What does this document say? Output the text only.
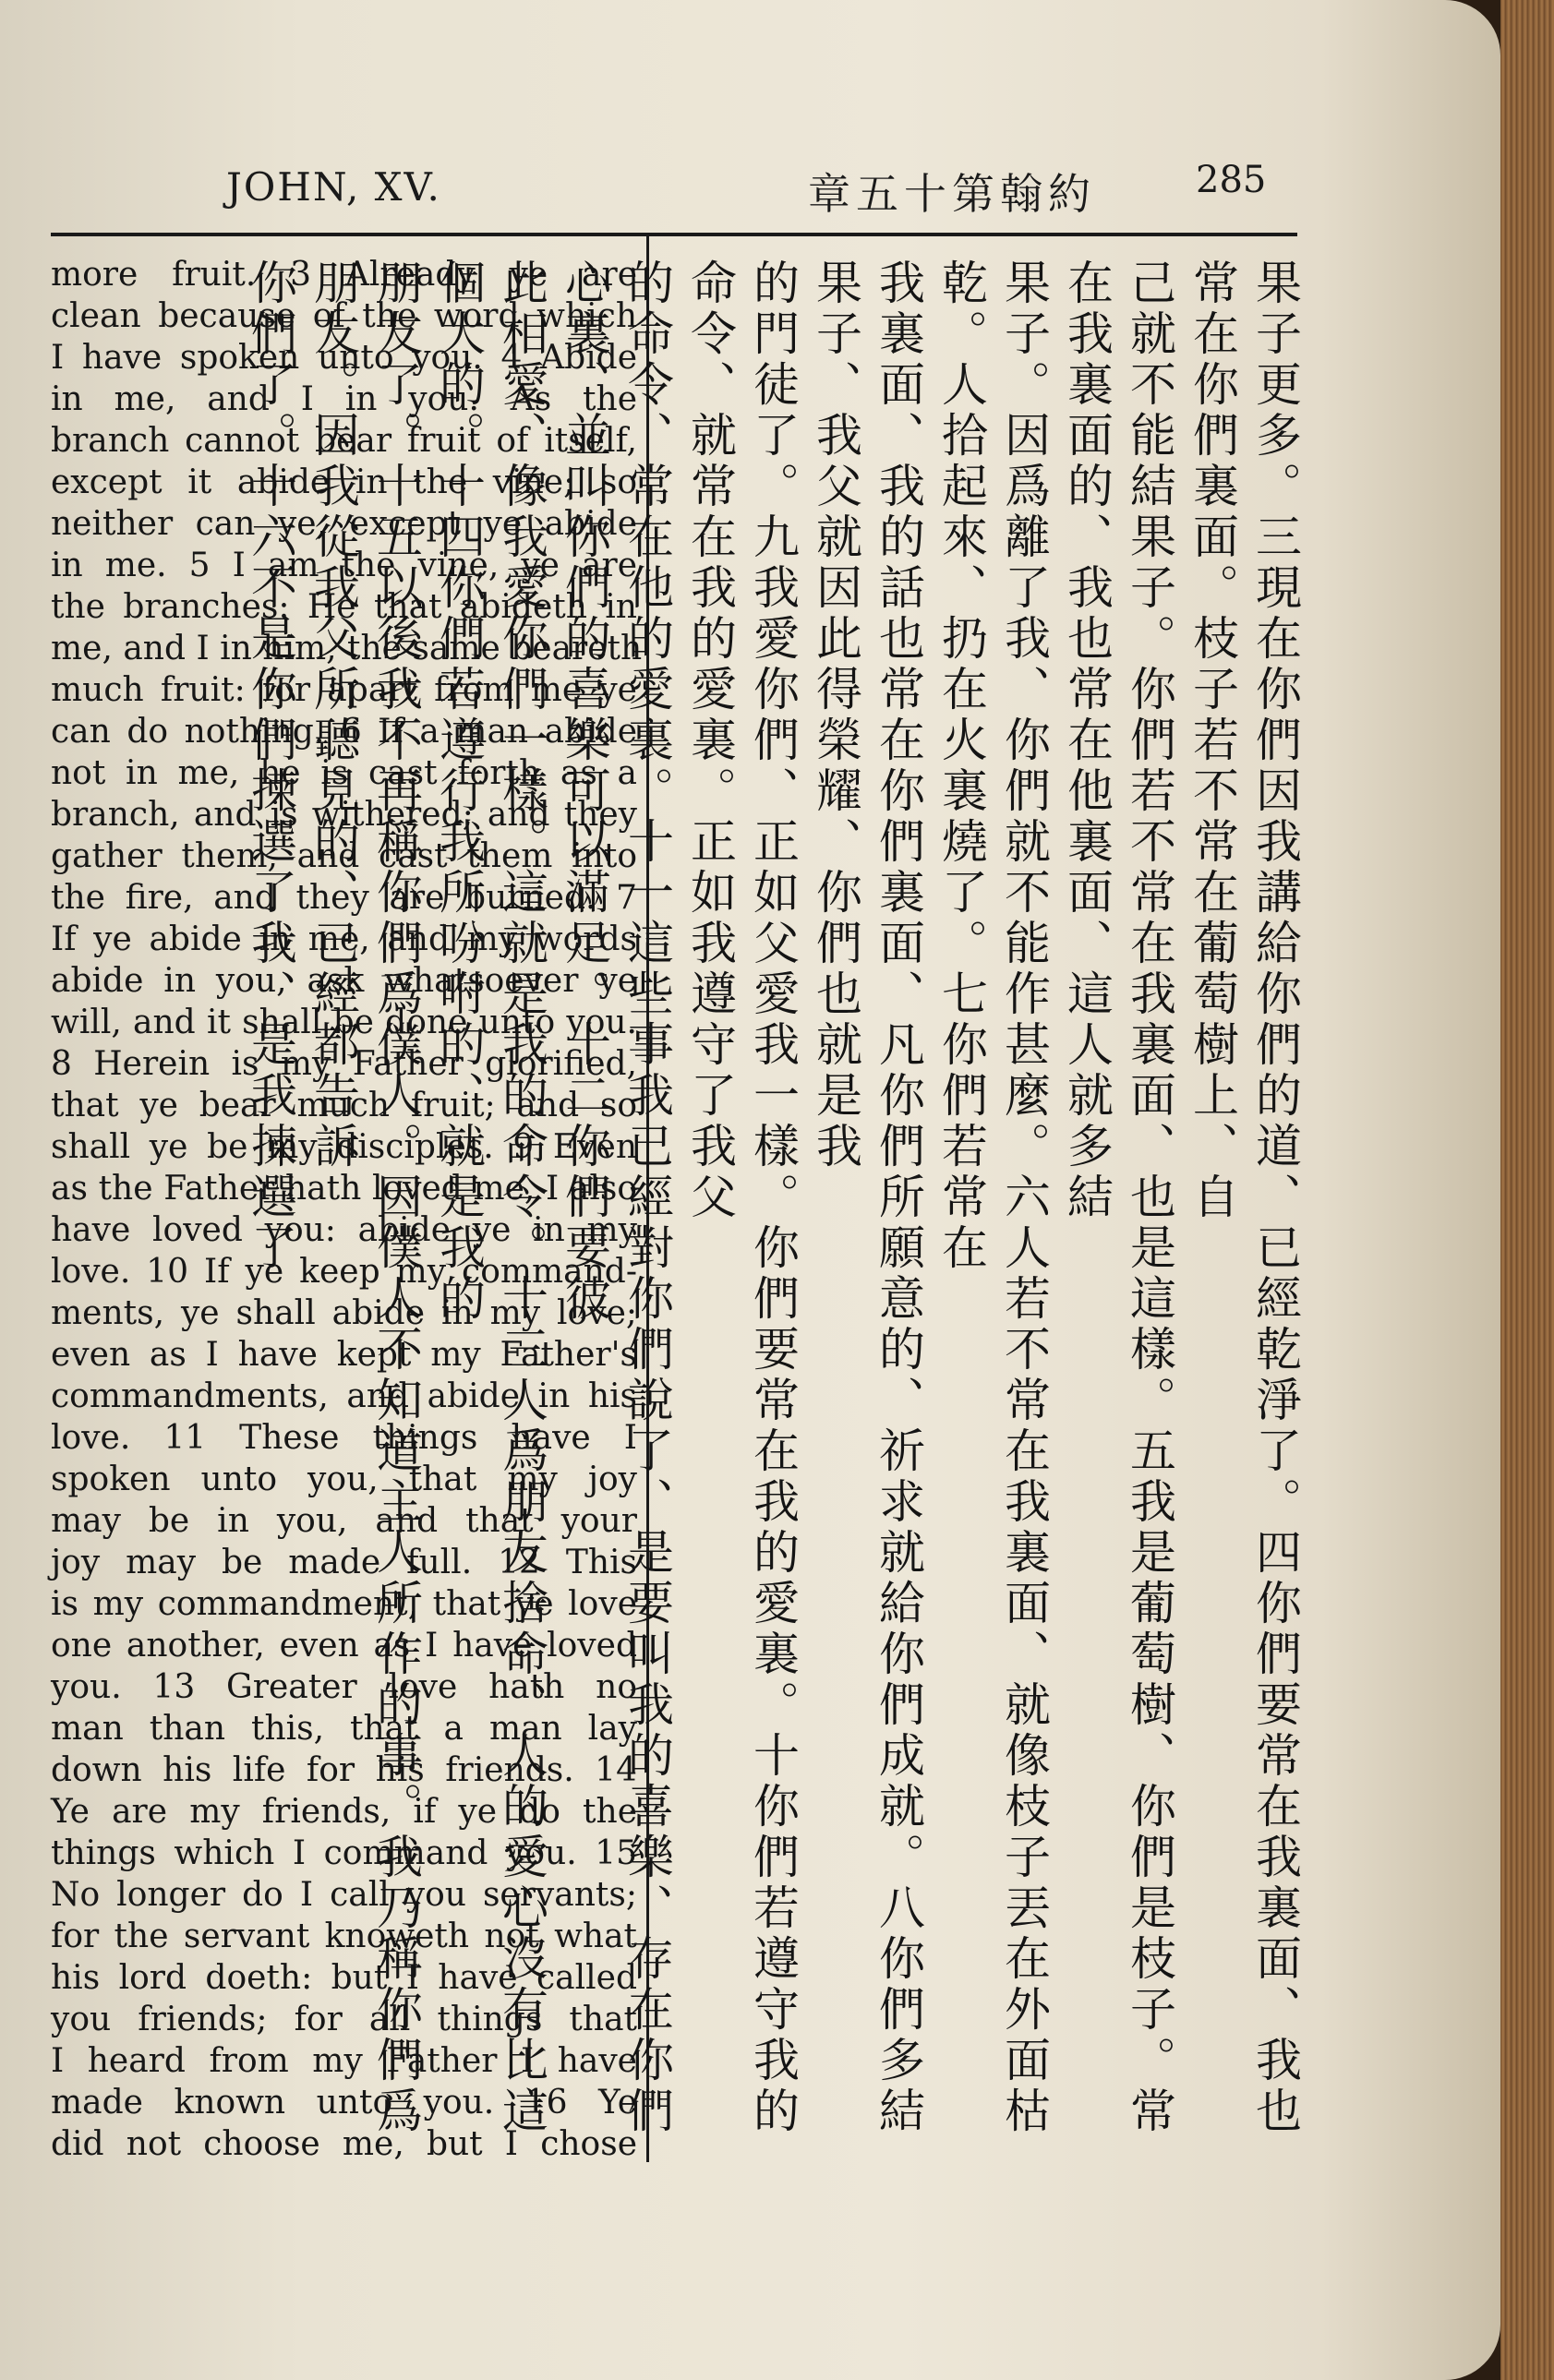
JOHN, XV.	章五十第翰約	285
more fruit. 3 Already ye are
clean because of the word which
I have spoken unto you. 4 Abide
in me, and I in you. As the
branch cannot bear fruit of itself,
except it abide in the vine; so
neither can ye, except ye abide
in me. 5 I am the vine, ye are
the branches: He that abideth in
me, and I in him, the same beareth
much fruit: for apart from me ye
can do nothing. 6 If a man abide
not in me, he is cast forth as a
branch, and is withered; and they
gather them, and cast them into
the fire, and they are burned. 7
If ye abide in me, and my words
abide in you, ask whatsoever ye
will, and it shall be done unto you.
8 Herein is my Father glorified,
that ye bear much fruit; and so
shall ye be my disciples. 9 Even
as the Father hath loved me, I also
have loved you: abide ye in my
love. 10 If ye keep my command-
ments, ye shall abide in my love;
even as I have kept my Father's
commandments, and abide in his
love. 11 These things have I
spoken unto you, that my joy
may be in you, and that your
joy may be made full. 12 This
is my commandment, that ye love
one another, even as I have loved
you. 13 Greater love hath no
man than this, that a man lay
down his life for his friends. 14
Ye are my friends, if ye do the
things which I command you. 15
No longer do I call you servants;
for the servant knoweth not what
his lord doeth: but I have called
you friends; for all things that
I heard from my Father I have
made known unto you. 16 Ye
did not choose me, but I chose
果子更多。三現在你們因我講給你們的道、已經乾淨了。四你們要常在我裏面、我也常在你們裏面。枝子若不常在葡萄樹上、自
己就不能結果子。你們若不常在我裏面、也是這樣。五我是葡萄樹、你們是枝子。常在我裏面的、我也常在他裏面、這人就多結
果子。因爲離了我、你們就不能作甚麼。六人若不常在我裏面、就像枝子丟在外面枯乾。人拾起來、扔在火裏燒了。七你們若常在
我裏面、我的話也常在你們裏面、凡你們所願意的、祈求就給你們成就。八你們多結果子、我父就因此得榮耀、你們也就是我
的門徒了。九我愛你們、正如父愛我一樣。你們要常在我的愛裏。十你們若遵守我的命令、就常在我的愛裏。正如我遵守了我父
的命令、常在他的愛裏。十一這些事我已經對你們說了、是要叫我的喜樂、存在你們心裏、並叫你們的喜樂可以滿足。十二你們要彼
此相愛、像我愛你們一樣。這就是我的命令。十三人爲朋友捨命、人的愛心沒有比這個大的。十四你們若遵行我所吩咐的、就是我的
朋友了。十五以後我不再稱你們爲僕人。因僕人不知道主人所作的事。我乃稱你們爲朋友。因我從我父所聽見的、已經都告訴
你們了。十六不是你們揀選了我、是我揀選了
